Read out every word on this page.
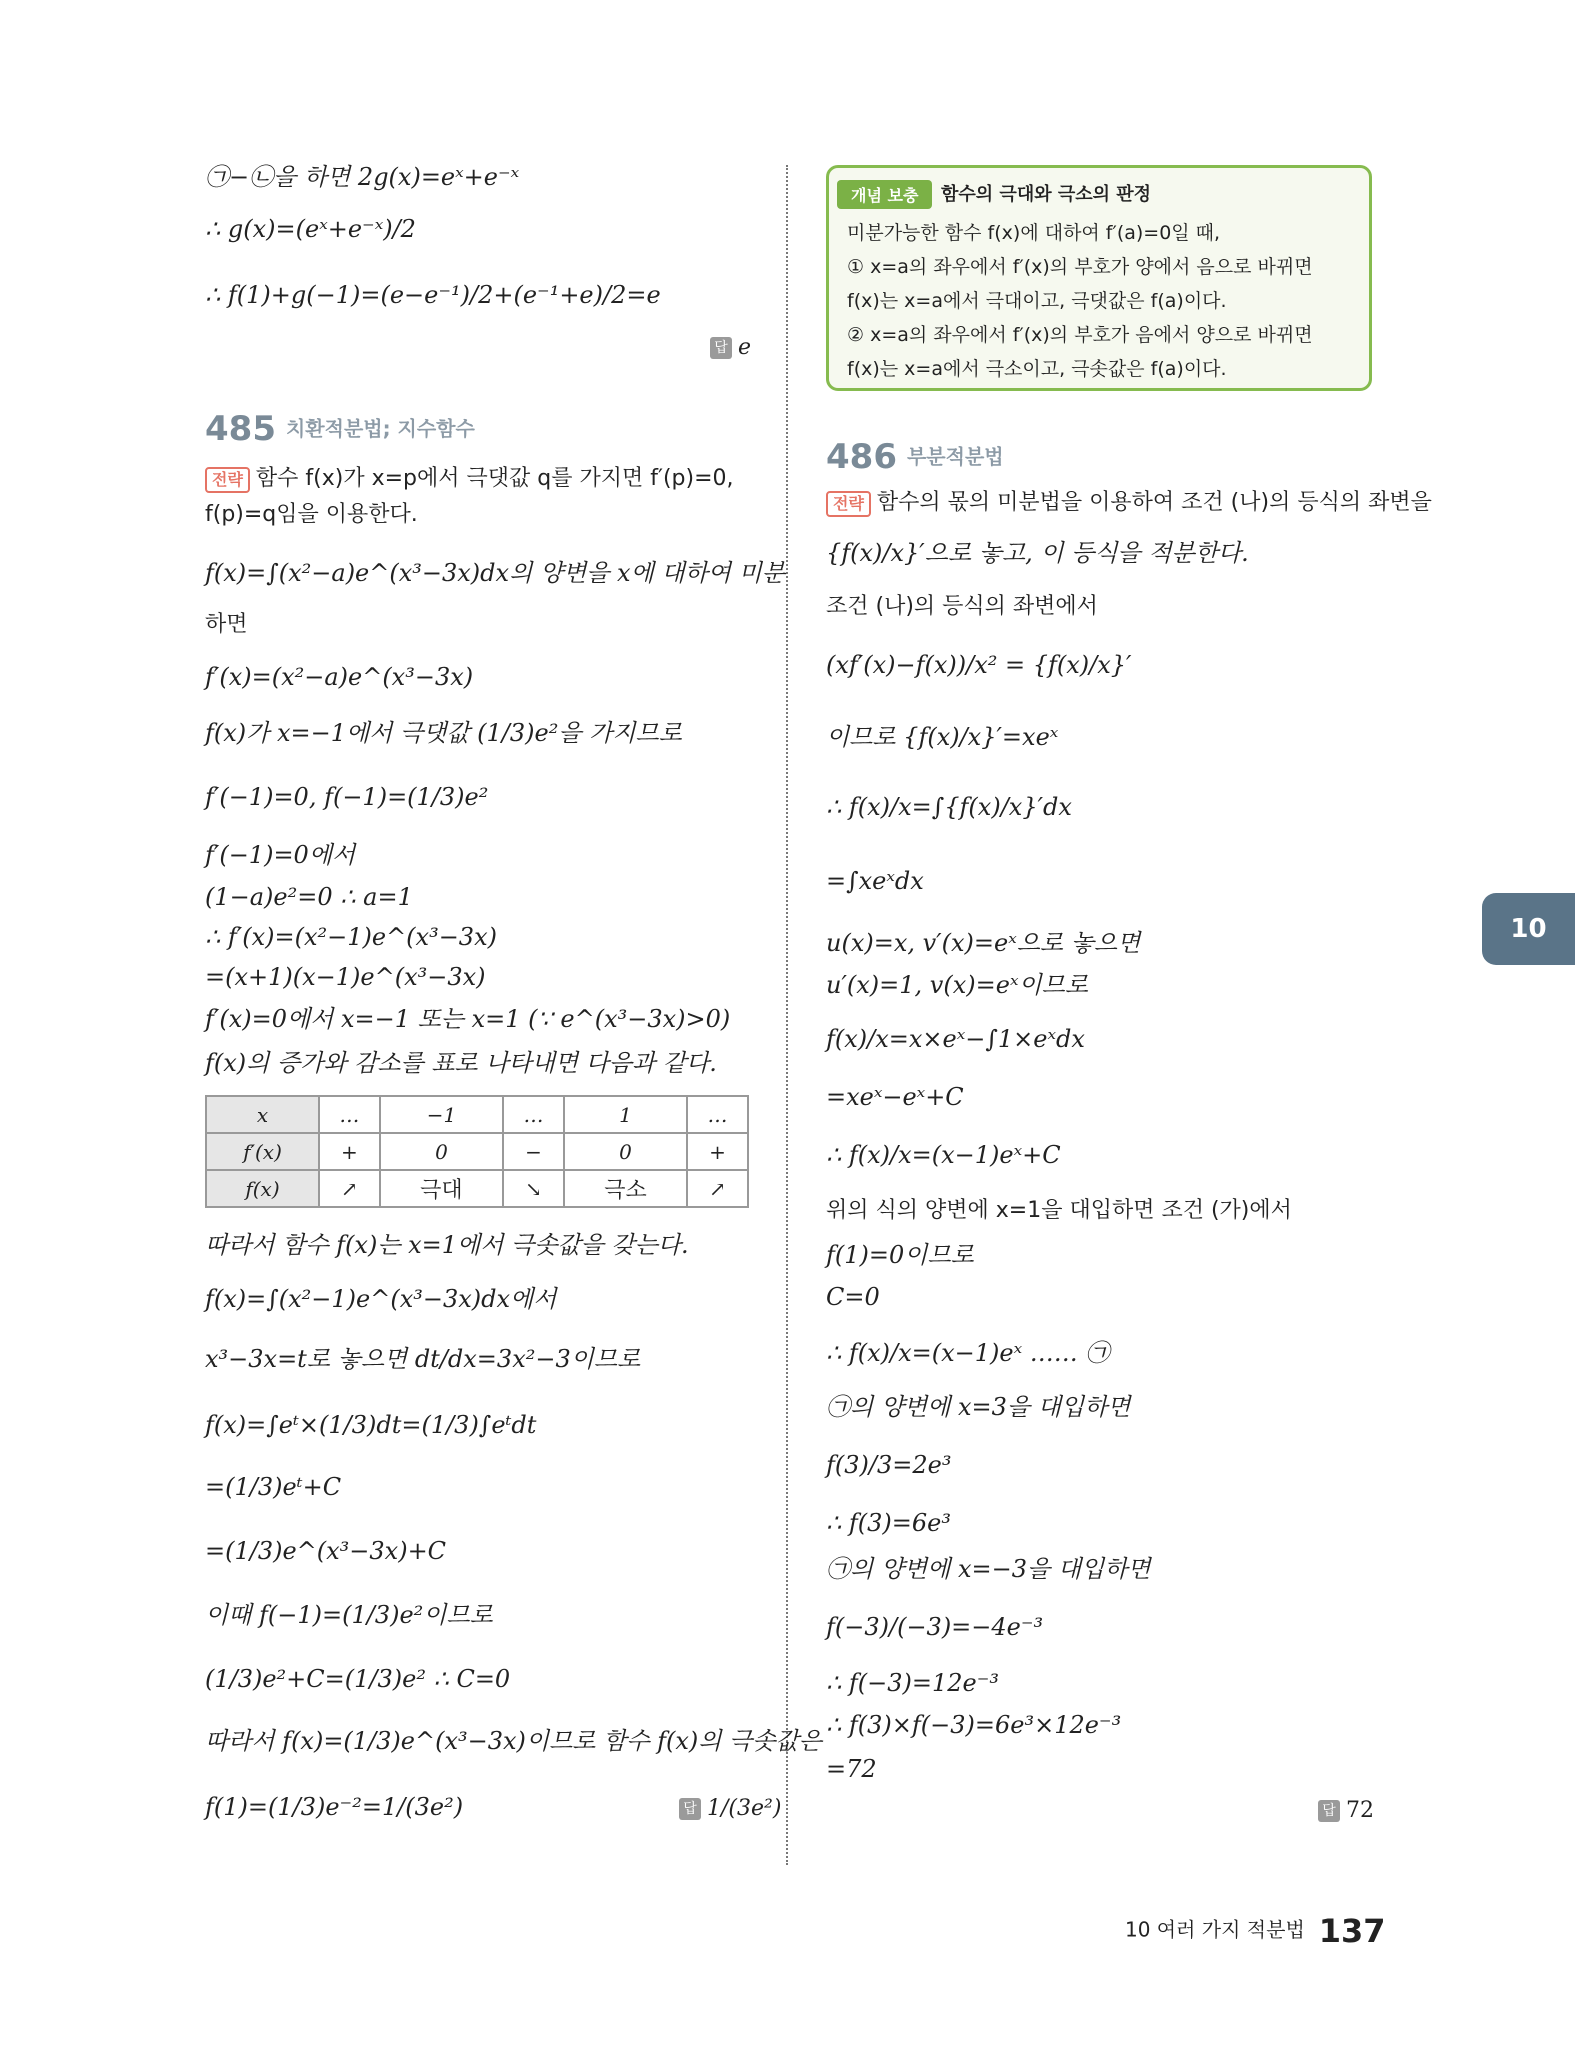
㉠−㉡을 하면 2g(x)=eˣ+e⁻ˣ
∴ g(x)=(eˣ+e⁻ˣ)/2
∴ f(1)+g(−1)=(e−e⁻¹)/2+(e⁻¹+e)/2=e
답 e
485 치환적분법; 지수함수
전략 함수 f(x)가 x=p에서 극댓값 q를 가지면 f′(p)=0,
f(p)=q임을 이용한다.
f(x)=∫(x²−a)e^(x³−3x)dx의 양변을 x에 대하여 미분
하면
f′(x)=(x²−a)e^(x³−3x)
f(x)가 x=−1에서 극댓값 (1/3)e²을 가지므로
f′(−1)=0, f(−1)=(1/3)e²
f′(−1)=0에서
(1−a)e²=0 ∴ a=1
∴ f′(x)=(x²−1)e^(x³−3x)
=(x+1)(x−1)e^(x³−3x)
f′(x)=0에서 x=−1 또는 x=1 (∵ e^(x³−3x)>0)
f(x)의 증가와 감소를 표로 나타내면 다음과 같다.
x	…	−1	…	1	…
f′(x)	+	0	−	0	+
f(x)	↗	극대	↘	극소	↗
따라서 함수 f(x)는 x=1에서 극솟값을 갖는다.
f(x)=∫(x²−1)e^(x³−3x)dx에서
x³−3x=t로 놓으면 dt/dx=3x²−3이므로
f(x)=∫eᵗ×(1/3)dt=(1/3)∫eᵗdt
=(1/3)eᵗ+C
=(1/3)e^(x³−3x)+C
이때 f(−1)=(1/3)e²이므로
(1/3)e²+C=(1/3)e² ∴ C=0
따라서 f(x)=(1/3)e^(x³−3x)이므로 함수 f(x)의 극솟값은
f(1)=(1/3)e⁻²=1/(3e²)	답 1/(3e²)
개념 보충	함수의 극대와 극소의 판정
미분가능한 함수 f(x)에 대하여 f′(a)=0일 때,
① x=a의 좌우에서 f′(x)의 부호가 양에서 음으로 바뀌면
f(x)는 x=a에서 극대이고, 극댓값은 f(a)이다.
② x=a의 좌우에서 f′(x)의 부호가 음에서 양으로 바뀌면
f(x)는 x=a에서 극소이고, 극솟값은 f(a)이다.
486 부분적분법
전략 함수의 몫의 미분법을 이용하여 조건 (나)의 등식의 좌변을
{f(x)/x}′으로 놓고, 이 등식을 적분한다.
조건 (나)의 등식의 좌변에서
(xf′(x)−f(x))/x² = {f(x)/x}′
이므로 {f(x)/x}′=xeˣ
∴ f(x)/x=∫{f(x)/x}′dx
=∫xeˣdx
u(x)=x, v′(x)=eˣ으로 놓으면
u′(x)=1, v(x)=eˣ이므로
f(x)/x=x×eˣ−∫1×eˣdx
=xeˣ−eˣ+C
∴ f(x)/x=(x−1)eˣ+C
위의 식의 양변에 x=1을 대입하면 조건 (가)에서
f(1)=0이므로
C=0
∴ f(x)/x=(x−1)eˣ …… ㉠
㉠의 양변에 x=3을 대입하면
f(3)/3=2e³
∴ f(3)=6e³
㉠의 양변에 x=−3을 대입하면
f(−3)/(−3)=−4e⁻³
∴ f(−3)=12e⁻³
∴ f(3)×f(−3)=6e³×12e⁻³
=72
답 72
10
10 여러 가지 적분법 137
